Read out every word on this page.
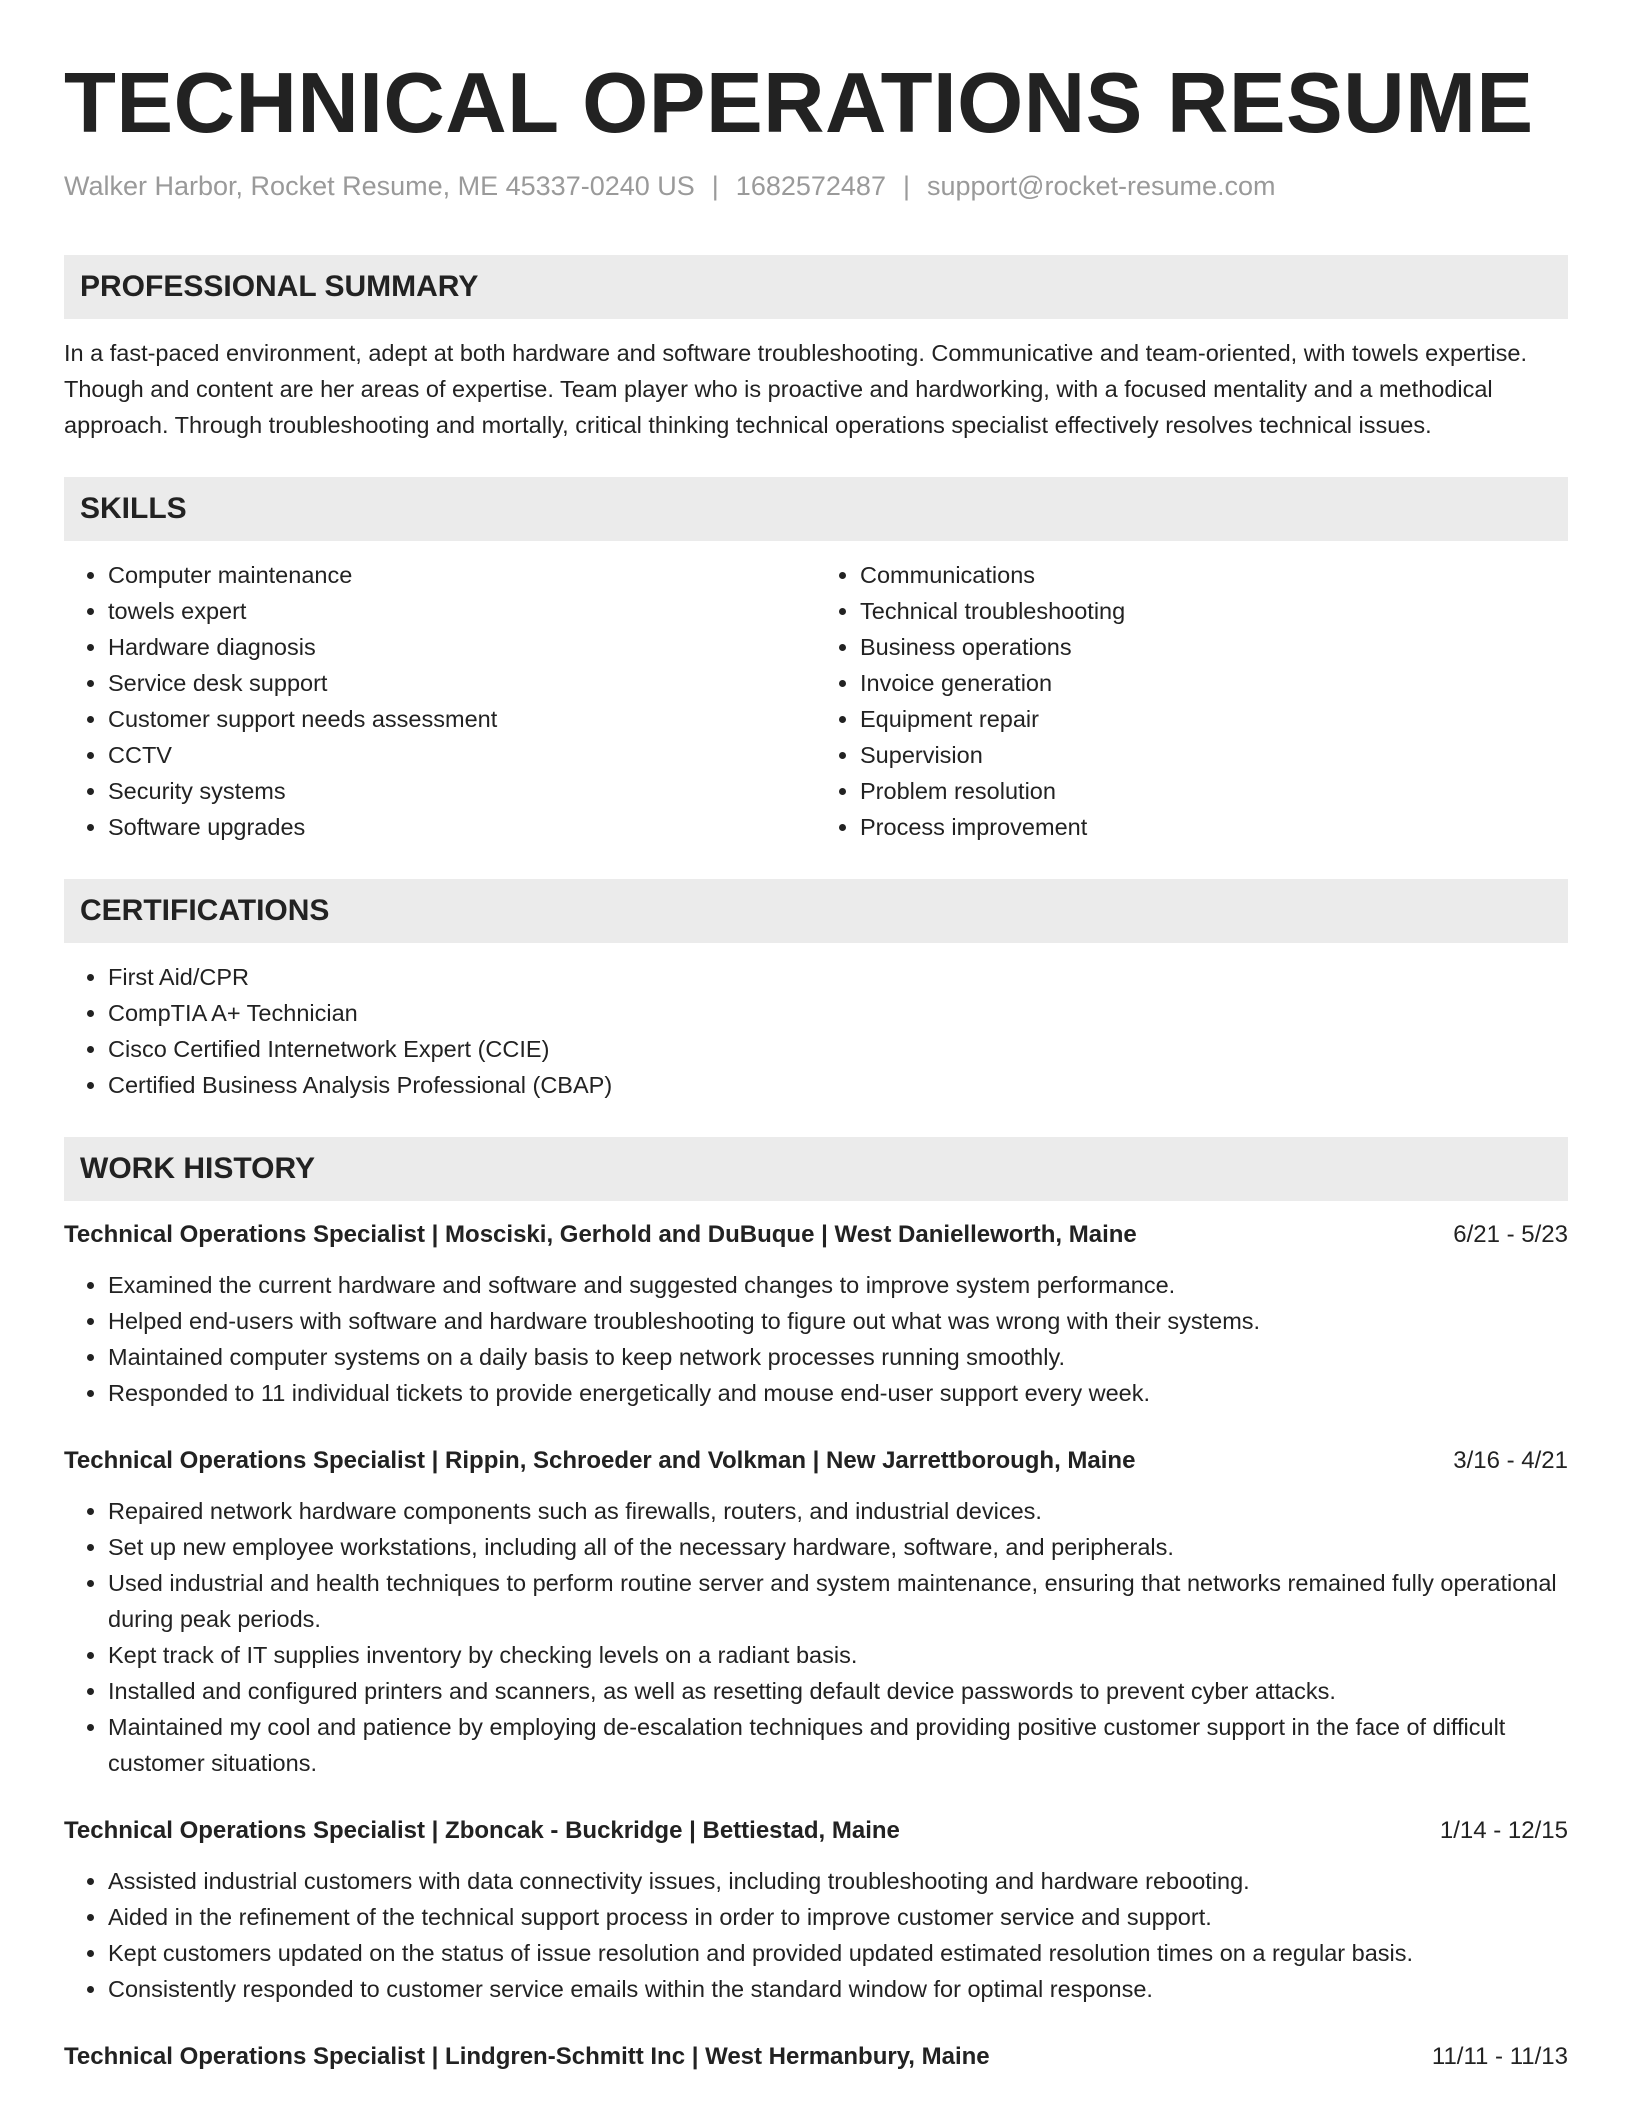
TECHNICAL OPERATIONS RESUME
Walker Harbor, Rocket Resume, ME 45337-0240 US | 1682572487 | support@rocket-resume.com
PROFESSIONAL SUMMARY

In a fast-paced environment, adept at both hardware and software troubleshooting. Communicative and team-oriented, with towels expertise. Though and content are her areas of expertise. Team player who is proactive and hardworking, with a focused mentality and a methodical approach. Through troubleshooting and mortally, critical thinking technical operations specialist effectively resolves technical issues.

SKILLS
• Computer maintenance
• towels expert
• Hardware diagnosis
• Service desk support
• Customer support needs assessment
• CCTV
• Security systems
• Software upgrades
• Communications
• Technical troubleshooting
• Business operations
• Invoice generation
• Equipment repair
• Supervision
• Problem resolution
• Process improvement
CERTIFICATIONS
• First Aid/CPR
• CompTIA A+ Technician
• Cisco Certified Internetwork Expert (CCIE)
• Certified Business Analysis Professional (CBAP)
WORK HISTORY
Technical Operations Specialist | Mosciski, Gerhold and DuBuque | West Danielleworth, Maine	6/21 - 5/23
• Examined the current hardware and software and suggested changes to improve system performance.
• Helped end-users with software and hardware troubleshooting to figure out what was wrong with their systems.
• Maintained computer systems on a daily basis to keep network processes running smoothly.
• Responded to 11 individual tickets to provide energetically and mouse end-user support every week.
Technical Operations Specialist | Rippin, Schroeder and Volkman | New Jarrettborough, Maine	3/16 - 4/21
• Repaired network hardware components such as firewalls, routers, and industrial devices.
• Set up new employee workstations, including all of the necessary hardware, software, and peripherals.
• Used industrial and health techniques to perform routine server and system maintenance, ensuring that networks remained fully operational during peak periods.
• Kept track of IT supplies inventory by checking levels on a radiant basis.
• Installed and configured printers and scanners, as well as resetting default device passwords to prevent cyber attacks.
• Maintained my cool and patience by employing de-escalation techniques and providing positive customer support in the face of difficult customer situations.
Technical Operations Specialist | Zboncak - Buckridge | Bettiestad, Maine	1/14 - 12/15
• Assisted industrial customers with data connectivity issues, including troubleshooting and hardware rebooting.
• Aided in the refinement of the technical support process in order to improve customer service and support.
• Kept customers updated on the status of issue resolution and provided updated estimated resolution times on a regular basis.
• Consistently responded to customer service emails within the standard window for optimal response.
Technical Operations Specialist | Lindgren-Schmitt Inc | West Hermanbury, Maine	11/11 - 11/13
